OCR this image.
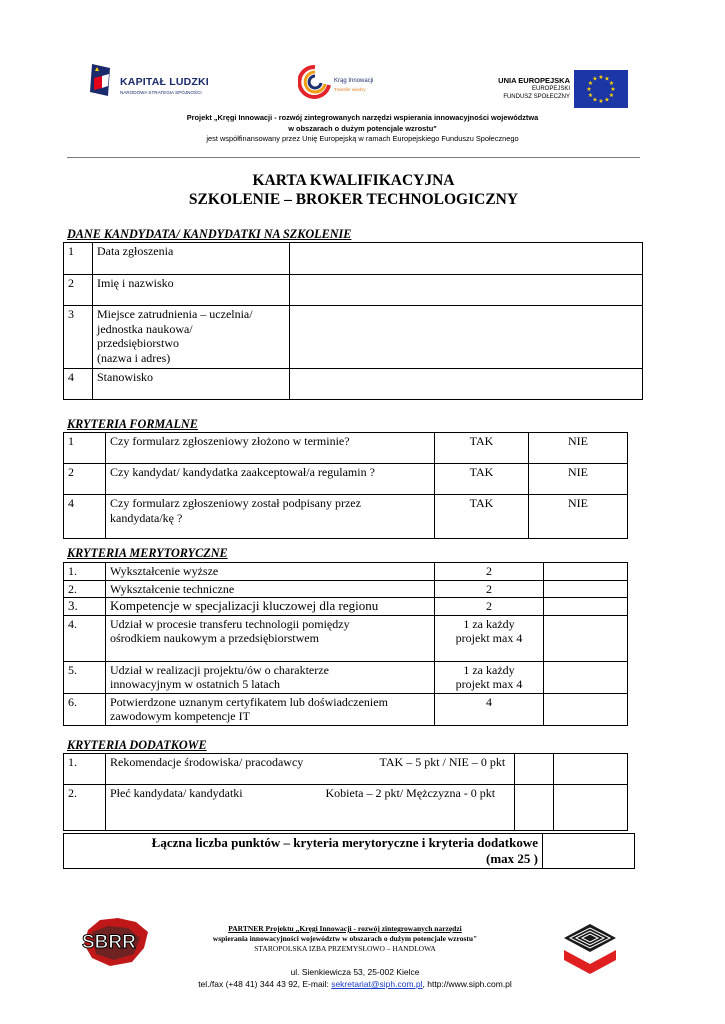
KAPITAŁ LUDZKI
NARODOWA STRATEGIA SPÓJNOŚCI
Krąg Innowacji
Transfer wiedzy
UNIA EUROPEJSKA
EUROPEJSKI
FUNDUSZ SPOŁECZNY
★ ★
★
★
★
★
★
★
★
★
★
★
Projekt „Kręgi Innowacji - rozwój zintegrowanych narzędzi wspierania innowacyjności województwa
w obszarach o dużym potencjale wzrostu"
jest współfinansowany przez Unię Europejską w ramach Europejskiego Funduszu Społecznego
KARTA KWALIFIKACYJNA
SZKOLENIE – BROKER TECHNOLOGICZNY
DANE KANDYDATA/ KANDYDATKI NA SZKOLENIE
1	Data zgłoszenia	
2	Imię i nazwisko	
3	Miejsce zatrudnienia – uczelnia/
jednostka naukowa/
przedsiębiorstwo
(nazwa i adres)	
4	Stanowisko	
KRYTERIA FORMALNE
1	Czy formularz zgłoszeniowy złożono w terminie?	TAK	NIE
2	Czy kandydat/ kandydatka zaakceptował/a regulamin ?	TAK	NIE
4	Czy formularz zgłoszeniowy został podpisany przez
kandydata/kę ?	TAK	NIE
KRYTERIA MERYTORYCZNE
1.	Wykształcenie wyższe	2	
2.	Wykształcenie techniczne	2	
3.	Kompetencje w specjalizacji kluczowej dla regionu	2	
4.	Udział w procesie transferu technologii pomiędzy
ośrodkiem naukowym a przedsiębiorstwem	1 za każdy
projekt max 4	
5.	Udział w realizacji projektu/ów o charakterze
innowacyjnym w ostatnich 5 latach	1 za każdy
projekt max 4	
6.	Potwierdzone uznanym certyfikatem lub doświadczeniem
zawodowym kompetencje IT	4	
KRYTERIA DODATKOWE
1.	Rekomendacje środowiska/ pracodawcy TAK – 5 pkt / NIE – 0 pkt		

2.	Płeć kandydata/ kandydatki Kobieta – 2 pkt/ Mężczyzna - 0 pkt		

Łączna liczba punktów – kryteria merytoryczne i kryteria dodatkowe
(max 25 )	
SBRR
PARTNER Projektu „Kręgi Innowacji - rozwój zintegrowanych narzędzi
wspierania innowacyjności województw w obszarach o dużym potencjale wzrostu"
STAROPOLSKA IZBA PRZEMYSŁOWO – HANDLOWA
ul. Sienkiewicza 53, 25-002 Kielce
tel./fax (+48 41) 344 43 92, E-mail: sekretariat@siph.com.pl, http://www.siph.com.pl
